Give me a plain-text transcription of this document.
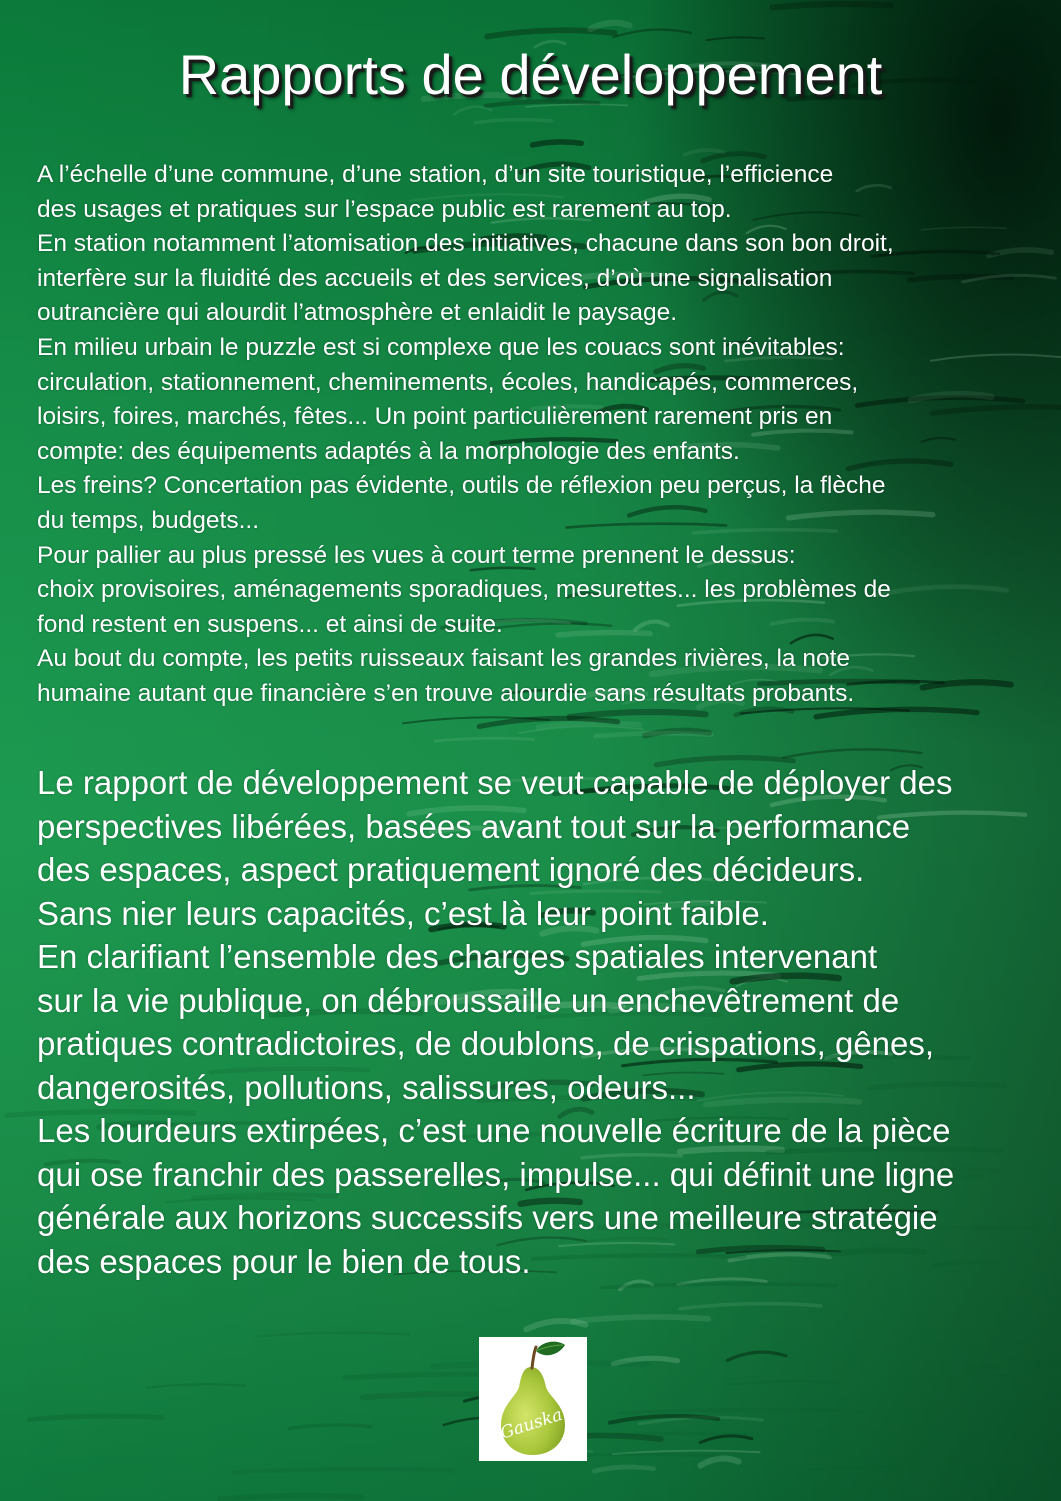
Rapports de développement
A l’échelle d’une commune, d’une station, d’un site touristique, l’efficience
des usages et pratiques sur l’espace public est rarement au top.
En station notamment l’atomisation des initiatives, chacune dans son bon droit,
interfère sur la fluidité des accueils et des services, d’où une signalisation
outrancière qui alourdit l’atmosphère et enlaidit le paysage.
En milieu urbain le puzzle est si complexe que les couacs sont inévitables:
circulation, stationnement, cheminements, écoles, handicapés, commerces,
loisirs, foires, marchés, fêtes... Un point particulièrement rarement pris en
compte: des équipements adaptés à la morphologie des enfants.
Les freins? Concertation pas évidente, outils de réflexion peu perçus, la flèche
du temps, budgets...
Pour pallier au plus pressé les vues à court terme prennent le dessus:
choix provisoires, aménagements sporadiques, mesurettes... les problèmes de
fond restent en suspens... et ainsi de suite.
Au bout du compte, les petits ruisseaux faisant les grandes rivières, la note
humaine autant que financière s’en trouve alourdie sans résultats probants.
Le rapport de développement se veut capable de déployer des
perspectives libérées, basées avant tout sur la performance
des espaces, aspect pratiquement ignoré des décideurs.
Sans nier leurs capacités, c’est là leur point faible.
En clarifiant l’ensemble des charges spatiales intervenant
sur la vie publique, on débroussaille un enchevêtrement de
pratiques contradictoires, de doublons, de crispations, gênes,
dangerosités, pollutions, salissures, odeurs...
Les lourdeurs extirpées, c’est une nouvelle écriture de la pièce
qui ose franchir des passerelles, impulse... qui définit une ligne
générale aux horizons successifs vers une meilleure stratégie
des espaces pour le bien de tous.
Gauska
